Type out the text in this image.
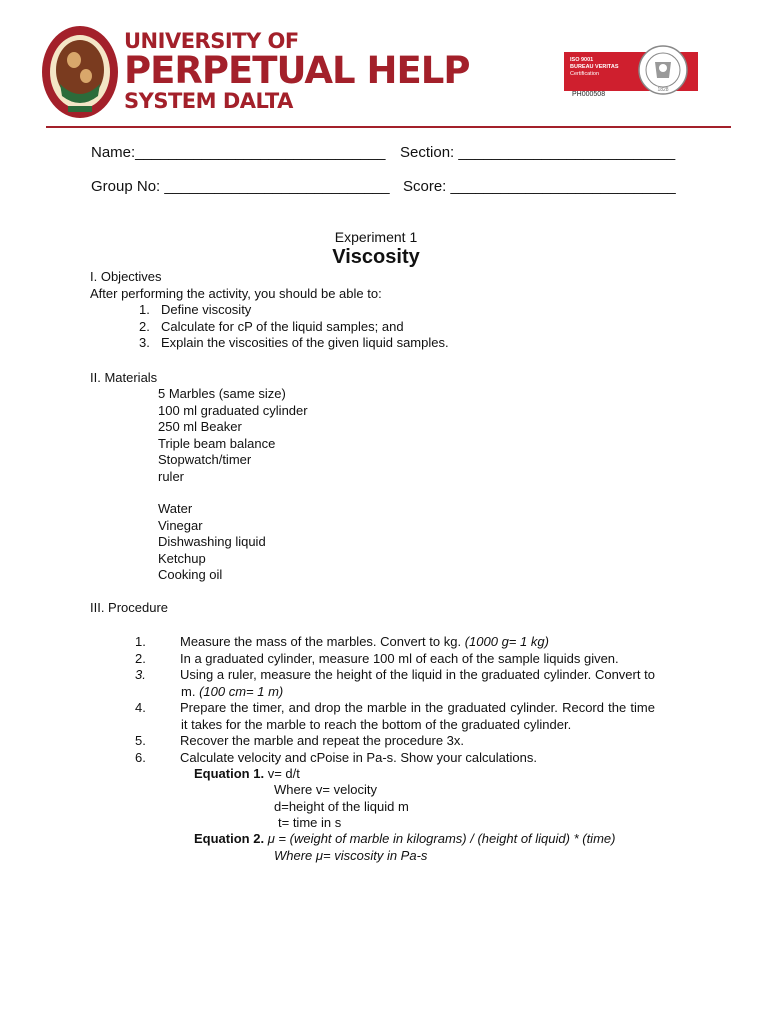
UNIVERSITY OF
PERPETUAL HELP
SYSTEM DALTA
ISO 9001
BUREAU VERITAS
Certification
1828
PH000508
Name:______________________________ Section: __________________________
Group No: ___________________________ Score: ___________________________
Experiment 1
Viscosity
I. Objectives
After performing the activity, you should be able to:
1. Define viscosity
2. Calculate for cP of the liquid samples; and
3. Explain the viscosities of the given liquid samples.
II. Materials
5 Marbles (same size)
100 ml graduated cylinder
250 ml Beaker
Triple beam balance
Stopwatch/timer
ruler
Water
Vinegar
Dishwashing liquid
Ketchup
Cooking oil
III. Procedure
1.	Measure the mass of the marbles. Convert to kg. (1000 g= 1 kg)
2.	In a graduated cylinder, measure 100 ml of each of the sample liquids given.
3.	Using a ruler, measure the height of the liquid in the graduated cylinder. Convert to m. (100 cm= 1 m)
4.	Prepare the timer, and drop the marble in the graduated cylinder. Record the time it takes for the marble to reach the bottom of the graduated cylinder.
5.	Recover the marble and repeat the procedure 3x.
6.	Calculate velocity and cPoise in Pa-s. Show your calculations.
Equation 1. v= d/t
Where v= velocity
d=height of the liquid m
t= time in s
Equation 2. μ = (weight of marble in kilograms) / (height of liquid) * (time)
Where μ= viscosity in Pa-s
